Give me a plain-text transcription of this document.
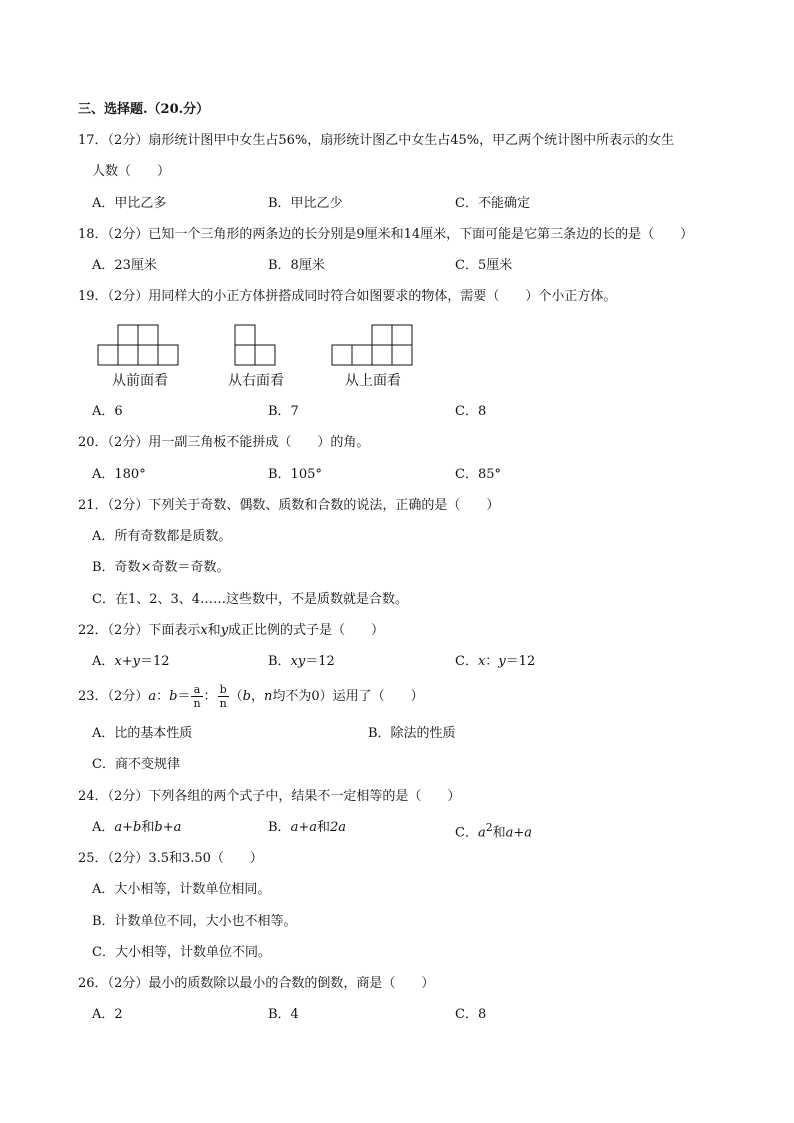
三、选择题.（20.分）
17．（2分）扇形统计图甲中女生占56%，扇形统计图乙中女生占45%，甲乙两个统计图中所表示的女生
人数（　　）
A．甲比乙多	B．甲比乙少	C．不能确定
18．（2分）已知一个三角形的两条边的长分别是9厘米和14厘米，下面可能是它第三条边的长的是（　　）
A．23厘米	B．8厘米	C．5厘米
19．（2分）用同样大的小正方体拼搭成同时符合如图要求的物体，需要（　　）个小正方体。
从前面看	从右面看	从上面看
A．6	B．7	C．8
20．（2分）用一副三角板不能拼成（　　）的角。
A．180°	B．105°	C．85°
21．（2分）下列关于奇数、偶数、质数和合数的说法，正确的是（　　）
A．所有奇数都是质数。
B．奇数×奇数＝奇数。
C．在1、2、3、4……这些数中，不是质数就是合数。
22．（2分）下面表示x和y成正比例的式子是（　　）
A．x+y＝12	B．xy＝12	C．x：y＝12
23．（2分）a：$b= \frac{a}{n}$ ： $\frac{b}{n} (b$，n均不为0）运用了（　　）
A．比的基本性质	B．除法的性质
C．商不变规律
24．（2分）下列各组的两个式子中，结果不一定相等的是（　　）
A．a+b和b+a	B．a+a和2a	C．$a^2$和a+a
25．（2分）3.5和3.50（　　）
A．大小相等，计数单位相同。
B．计数单位不同，大小也不相等。
C．大小相等，计数单位不同。
26．（2分）最小的质数除以最小的合数的倒数，商是（　　）
A．2	B．4	C．8
